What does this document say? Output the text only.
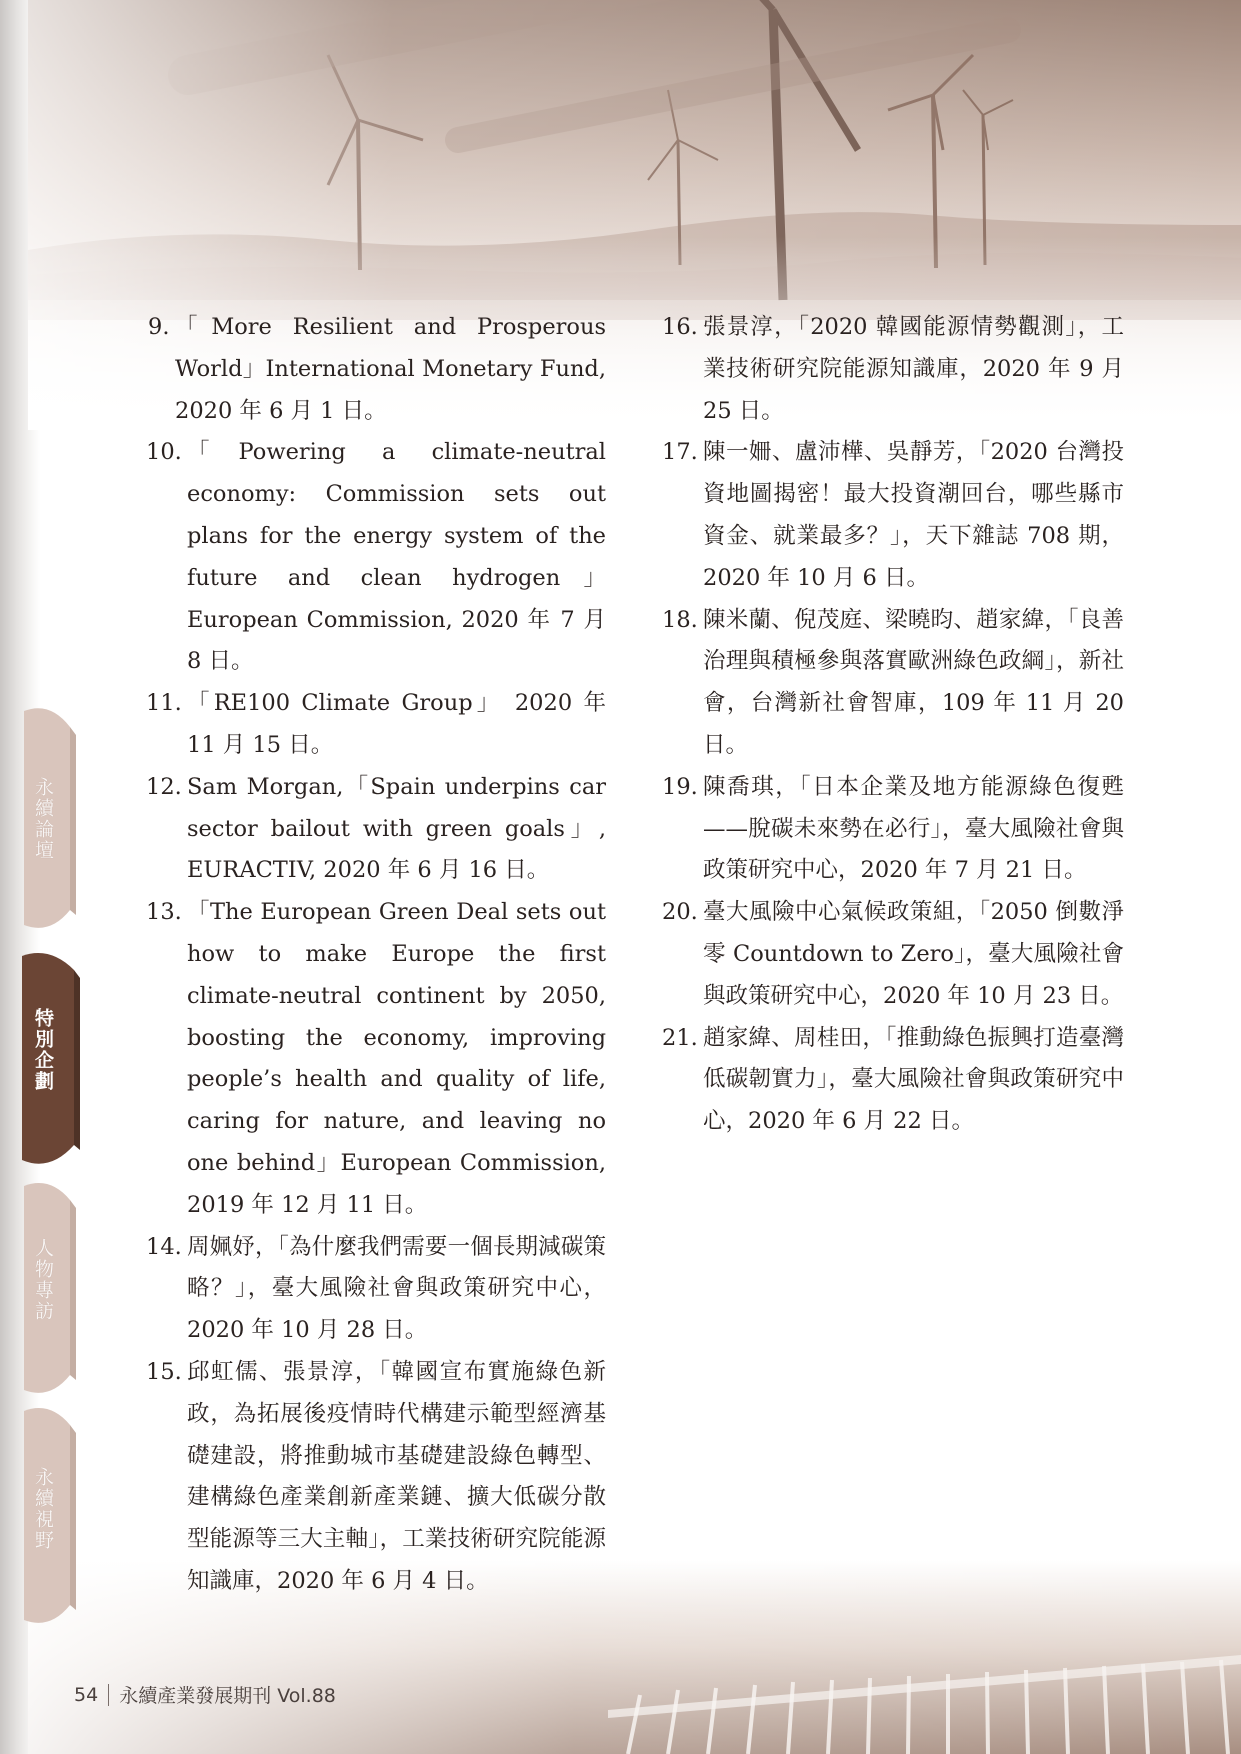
永續論壇
特別企劃
人物專訪
永續視野
9. 「More Resilient and Prosperous World」International Monetary Fund, 2020 年 6 月 1 日。
10. 「Powering a climate-neutral economy: Commission sets out plans for the energy system of the future and clean hydrogen」European Commission, 2020 年 7 月 8 日。
11. 「RE100 Climate Group」 2020 年 11 月 15 日。
12. Sam Morgan,「Spain underpins car sector bailout with green goals」, EURACTIV, 2020 年 6 月 16 日。
13. 「The European Green Deal sets out how to make Europe the first climate-neutral continent by 2050, boosting the economy, improving people’s health and quality of life, caring for nature, and leaving no one behind」European Commission, 2019 年 12 月 11 日。
14. 周姵妤，「為什麼我們需要一個長期減碳策略？」，臺大風險社會與政策研究中心，2020 年 10 月 28 日。
15. 邱虹儒、張景淳，「韓國宣布實施綠色新政，為拓展後疫情時代構建示範型經濟基礎建設，將推動城市基礎建設綠色轉型、建構綠色產業創新產業鏈、擴大低碳分散型能源等三大主軸」，工業技術研究院能源知識庫，2020 年 6 月 4 日。
16. 張景淳，「2020 韓國能源情勢觀測」，工業技術研究院能源知識庫，2020 年 9 月 25 日。
17. 陳一姍、盧沛樺、吳靜芳，「2020 台灣投資地圖揭密！最大投資潮回台，哪些縣市資金、就業最多？」，天下雜誌 708 期，2020 年 10 月 6 日。
18. 陳米蘭、倪茂庭、梁曉昀、趙家緯，「良善治理與積極參與落實歐洲綠色政綱」，新社會，台灣新社會智庫，109 年 11 月 20 日。
19. 陳喬琪，「日本企業及地方能源綠色復甦——脫碳未來勢在必行」，臺大風險社會與政策研究中心，2020 年 7 月 21 日。
20. 臺大風險中心氣候政策組，「2050 倒數淨零 Countdown to Zero」，臺大風險社會與政策研究中心，2020 年 10 月 23 日。
21. 趙家緯、周桂田，「推動綠色振興打造臺灣低碳韌實力」，臺大風險社會與政策研究中心，2020 年 6 月 22 日。
54 永續產業發展期刊 Vol.88
